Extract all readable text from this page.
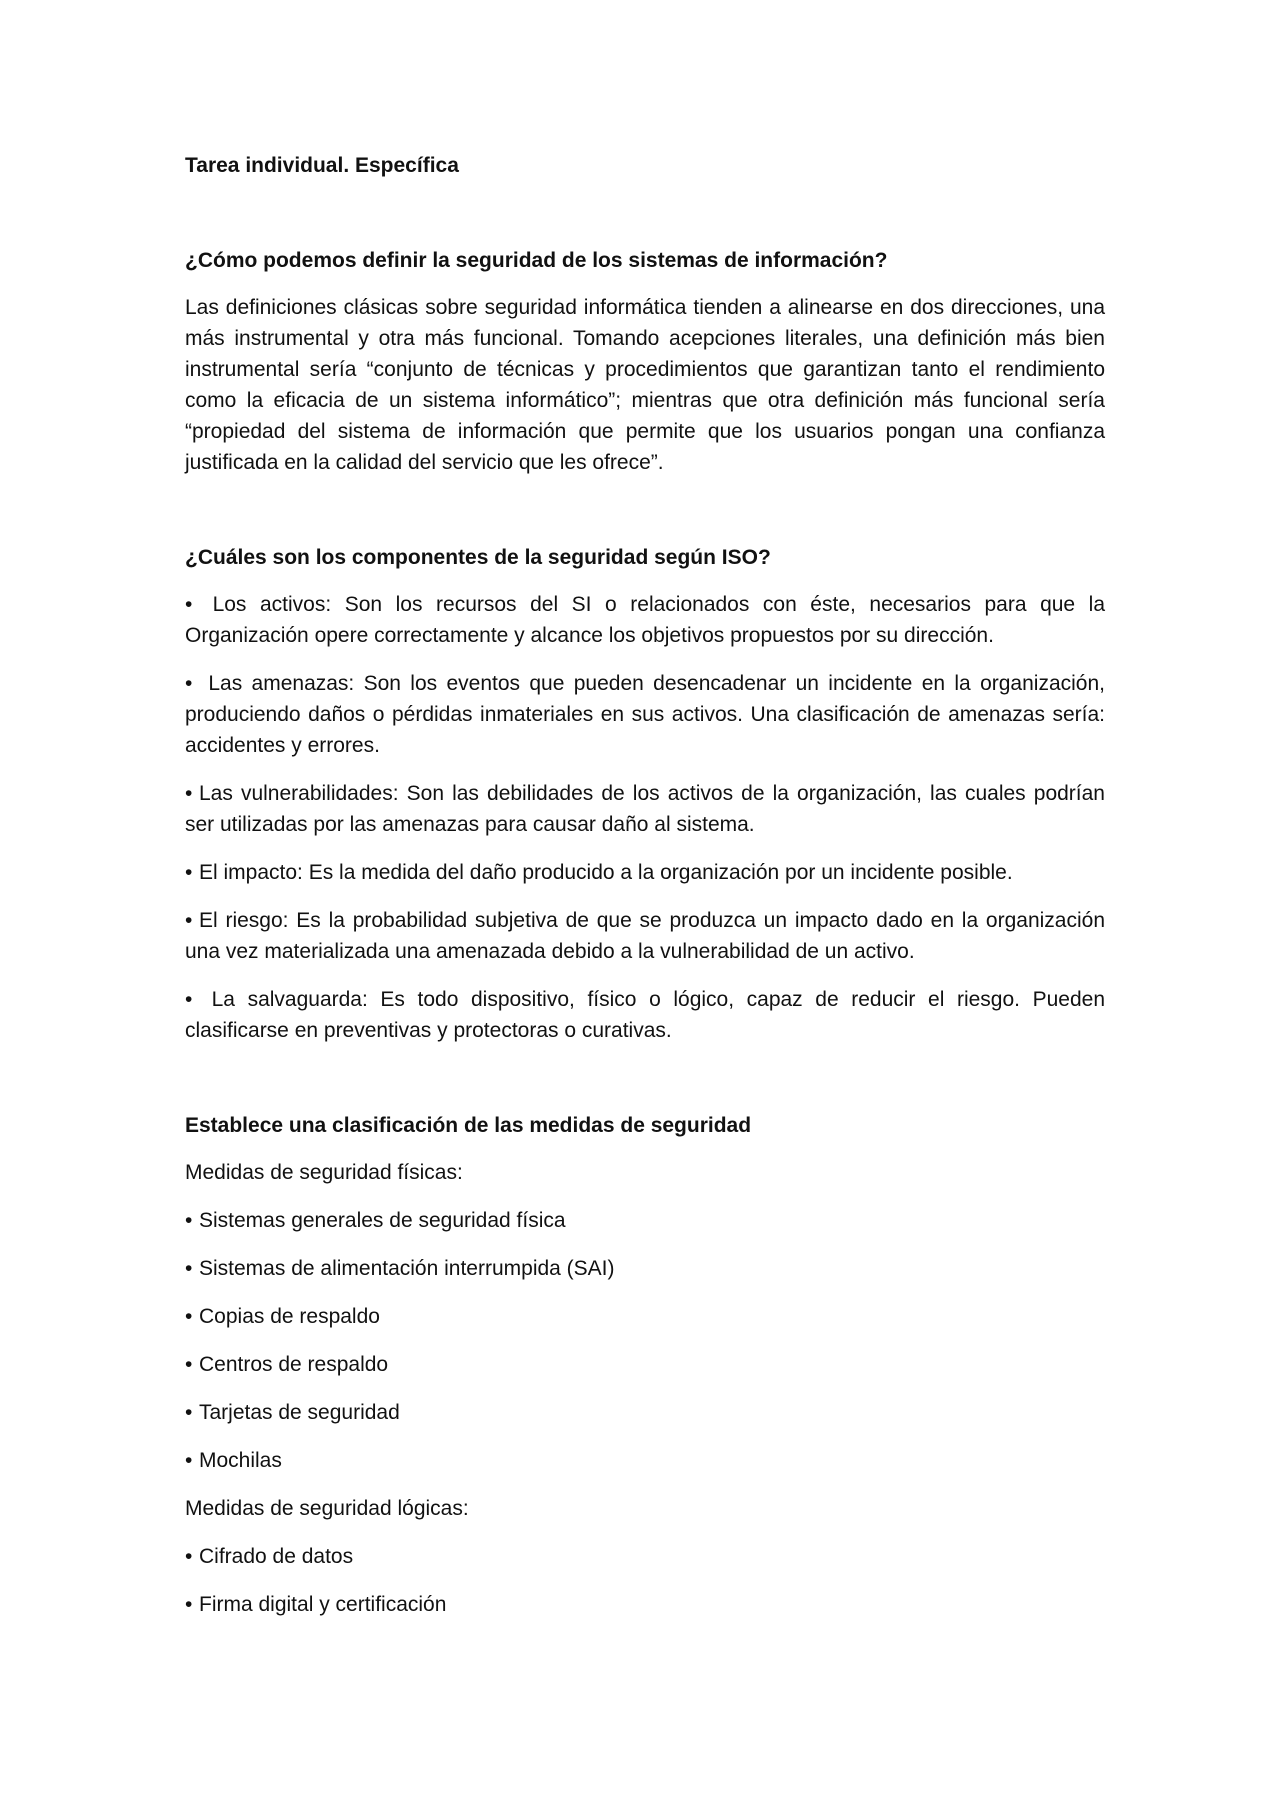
Tarea individual. Específica
¿Cómo podemos definir la seguridad de los sistemas de información?
Las definiciones clásicas sobre seguridad informática tienden a alinearse en dos direcciones, una más instrumental y otra más funcional. Tomando acepciones literales, una definición más bien instrumental sería “conjunto de técnicas y procedimientos que garantizan tanto el rendimiento como la eficacia de un sistema informático”; mientras que otra definición más funcional sería “propiedad del sistema de información que permite que los usuarios pongan una confianza justificada en la calidad del servicio que les ofrece”.
¿Cuáles son los componentes de la seguridad según ISO?
• Los activos: Son los recursos del SI o relacionados con éste, necesarios para que la Organización opere correctamente y alcance los objetivos propuestos por su dirección.
• Las amenazas: Son los eventos que pueden desencadenar un incidente en la organización, produciendo daños o pérdidas inmateriales en sus activos. Una clasificación de amenazas sería: accidentes y errores.
• Las vulnerabilidades: Son las debilidades de los activos de la organización, las cuales podrían ser utilizadas por las amenazas para causar daño al sistema.
• El impacto: Es la medida del daño producido a la organización por un incidente posible.
• El riesgo: Es la probabilidad subjetiva de que se produzca un impacto dado en la organización una vez materializada una amenazada debido a la vulnerabilidad de un activo.
• La salvaguarda: Es todo dispositivo, físico o lógico, capaz de reducir el riesgo. Pueden clasificarse en preventivas y protectoras o curativas.
Establece una clasificación de las medidas de seguridad
Medidas de seguridad físicas:
• Sistemas generales de seguridad física
• Sistemas de alimentación interrumpida (SAI)
• Copias de respaldo
• Centros de respaldo
• Tarjetas de seguridad
• Mochilas
Medidas de seguridad lógicas:
• Cifrado de datos
• Firma digital y certificación
